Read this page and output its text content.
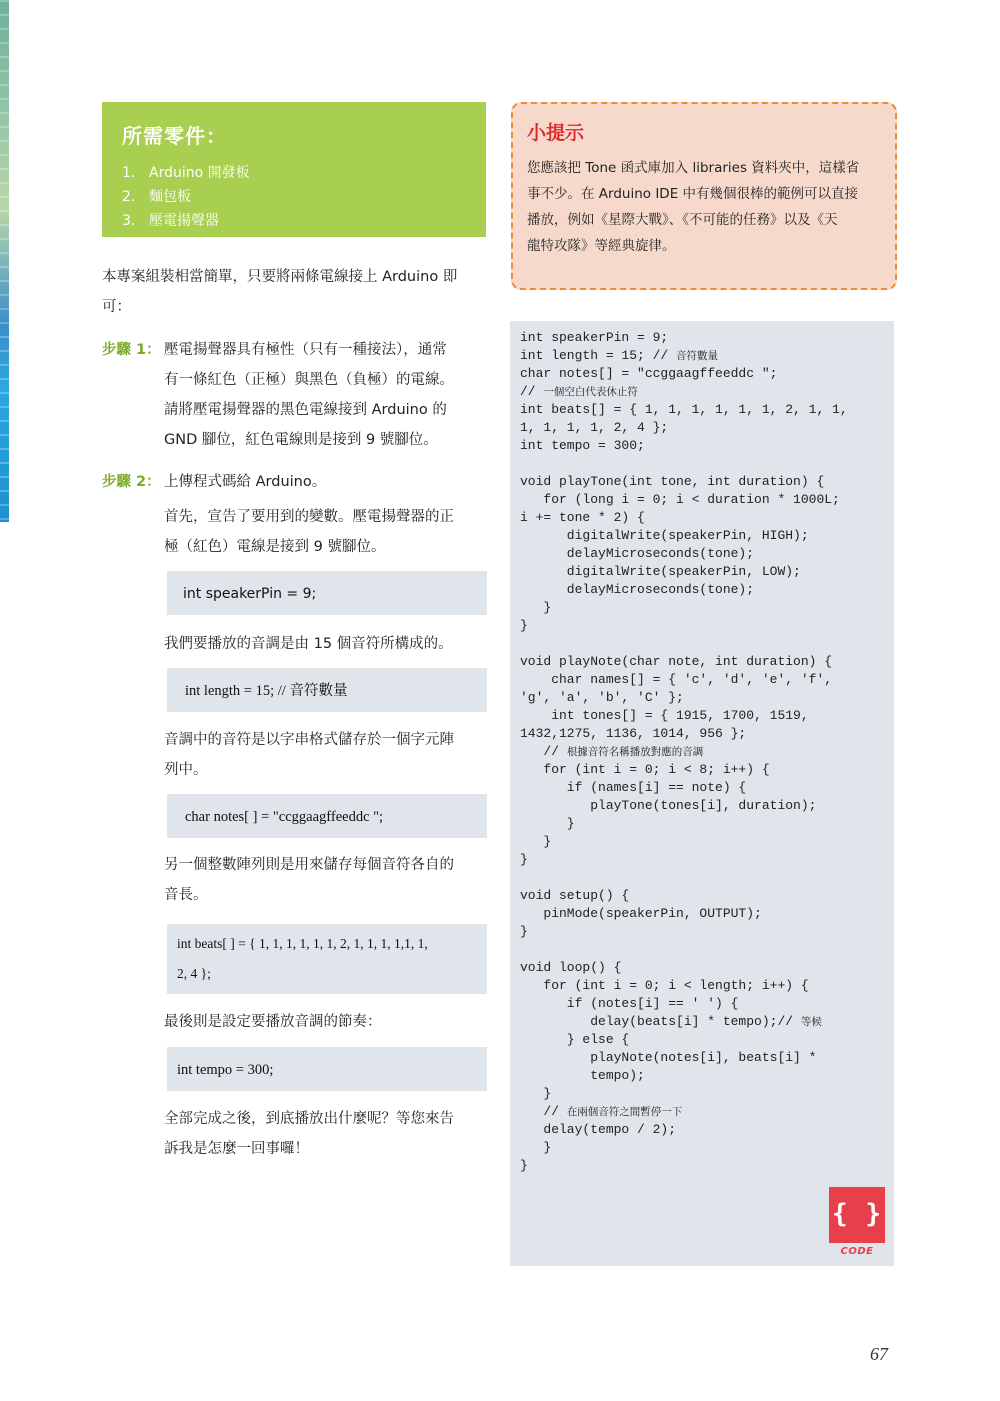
所需零件：
1. Arduino 開發板
2. 麵包板
3. 壓電揚聲器
小提示
您應該把 Tone 函式庫加入 libraries 資料夾中，這樣省
事不少。在 Arduino IDE 中有幾個很棒的範例可以直接
播放，例如《星際大戰》、《不可能的任務》以及《天
龍特攻隊》等經典旋律。
本專案組裝相當簡單，只要將兩條電線接上 Arduino 即
可：
步驟 1： 壓電揚聲器具有極性（只有一種接法），通常
有一條紅色（正極）與黑色（負極）的電線。
請將壓電揚聲器的黑色電線接到 Arduino 的
GND 腳位，紅色電線則是接到 9 號腳位。
步驟 2： 上傳程式碼給 Arduino。
首先，宣告了要用到的變數。壓電揚聲器的正
極（紅色）電線是接到 9 號腳位。
int speakerPin = 9;
我們要播放的音調是由 15 個音符所構成的。
int length = 15; // 音符數量
音調中的音符是以字串格式儲存於一個字元陣
列中。
char notes[ ] = "ccggaagffeeddc ";
另一個整數陣列則是用來儲存每個音符各自的
音長。
int beats[ ] = { 1, 1, 1, 1, 1, 1, 2, 1, 1, 1, 1,1, 1,
2, 4 };
最後則是設定要播放音調的節奏：
int tempo = 300;
全部完成之後，到底播放出什麼呢？等您來告
訴我是怎麼一回事囉！
int speakerPin = 9;
int length = 15; // 音符數量
char notes[] = "ccggaagffeeddc ";
// 一個空白代表休止符
int beats[] = { 1, 1, 1, 1, 1, 1, 2, 1, 1,
1, 1, 1, 1, 2, 4 };
int tempo = 300;

void playTone(int tone, int duration) {
for (long i = 0; i < duration * 1000L;
i += tone * 2) {
digitalWrite(speakerPin, HIGH);
delayMicroseconds(tone);
digitalWrite(speakerPin, LOW);
delayMicroseconds(tone);
}
}

void playNote(char note, int duration) {
char names[] = { 'c', 'd', 'e', 'f',
'g', 'a', 'b', 'C' };
int tones[] = { 1915, 1700, 1519,
1432,1275, 1136, 1014, 956 };
// 根據音符名稱播放對應的音調
for (int i = 0; i < 8; i++) {
if (names[i] == note) {
playTone(tones[i], duration);
}
}
}

void setup() {
pinMode(speakerPin, OUTPUT);
}

void loop() {
for (int i = 0; i < length; i++) {
if (notes[i] == ' ') {
delay(beats[i] * tempo);// 等候
} else {
playNote(notes[i], beats[i] *
tempo);
}
// 在兩個音符之間暫停一下
delay(tempo / 2);
}
}
{ }
CODE
67
